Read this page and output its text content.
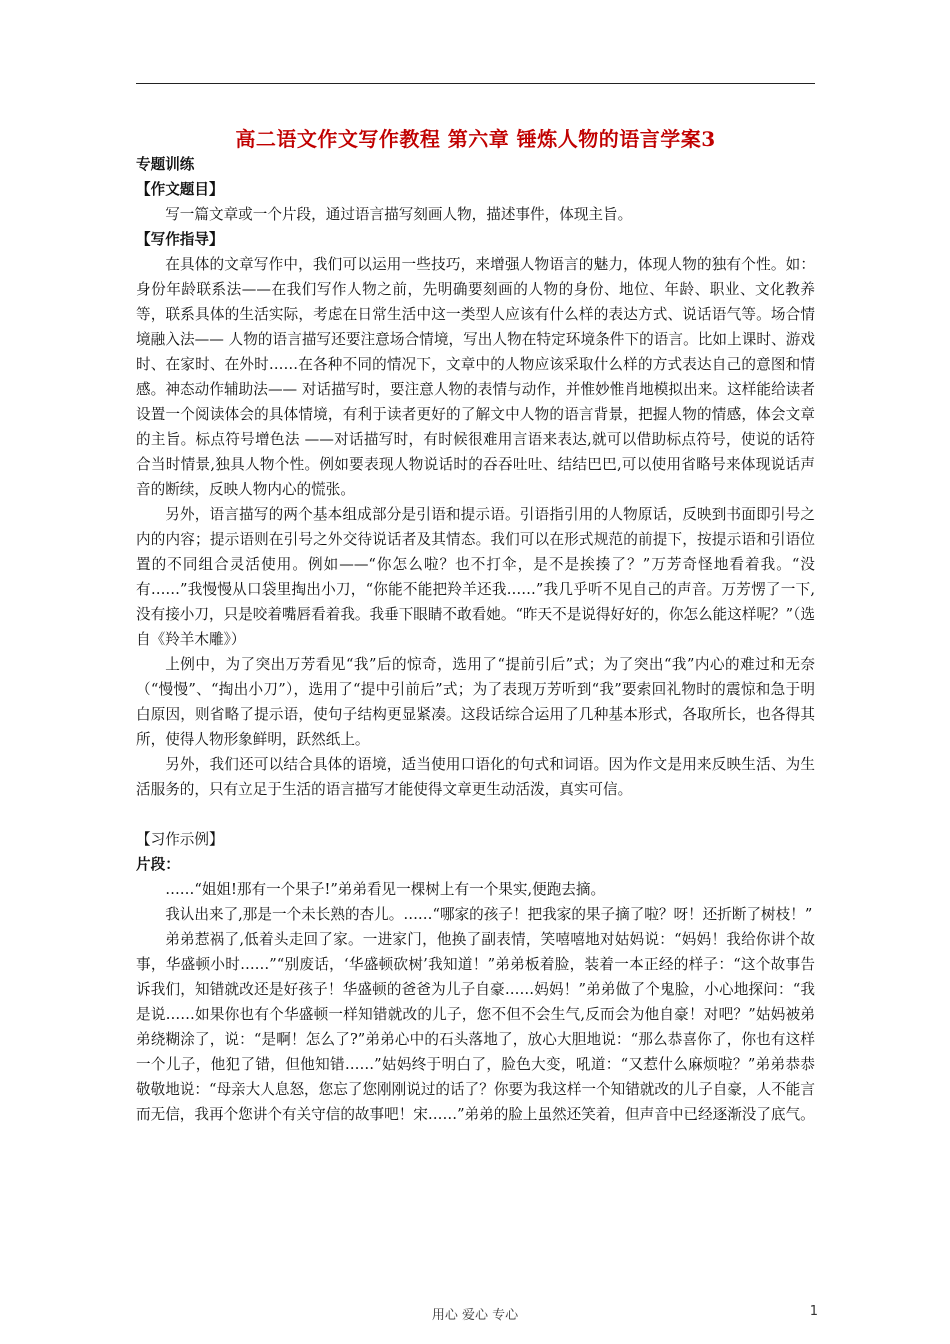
高二语文作文写作教程 第六章 锤炼人物的语言学案3

专题训练

【作文题目】

写一篇文章或一个片段，通过语言描写刻画人物，描述事件，体现主旨。

【写作指导】

在具体的文章写作中，我们可以运用一些技巧，来增强人物语言的魅力，体现人物的独有个性。如：身份年龄联系法——在我们写作人物之前，先明确要刻画的人物的身份、地位、年龄、职业、文化教养等，联系具体的生活实际，考虑在日常生活中这一类型人应该有什么样的表达方式、说话语气等。场合情境融入法—— 人物的语言描写还要注意场合情境，写出人物在特定环境条件下的语言。比如上课时、游戏时、在家时、在外时……在各种不同的情况下，文章中的人物应该采取什么样的方式表达自己的意图和情感。神态动作辅助法—— 对话描写时，要注意人物的表情与动作，并惟妙惟肖地模拟出来。这样能给读者设置一个阅读体会的具体情境，有利于读者更好的了解文中人物的语言背景，把握人物的情感，体会文章的主旨。标点符号增色法 ——对话描写时，有时候很难用言语来表达,就可以借助标点符号，使说的话符合当时情景,独具人物个性。例如要表现人物说话时的吞吞吐吐、结结巴巴,可以使用省略号来体现说话声音的断续，反映人物内心的慌张。

另外，语言描写的两个基本组成部分是引语和提示语。引语指引用的人物原话，反映到书面即引号之内的内容；提示语则在引号之外交待说话者及其情态。我们可以在形式规范的前提下，按提示语和引语位置的不同组合灵活使用。例如——“你怎么啦？也不打伞，是不是挨揍了？”万芳奇怪地看着我。“没有……”我慢慢从口袋里掏出小刀，“你能不能把羚羊还我……”我几乎听不见自己的声音。万芳愣了一下,没有接小刀，只是咬着嘴唇看着我。我垂下眼睛不敢看她。“昨天不是说得好好的，你怎么能这样呢？”（选自《羚羊木雕》）

上例中，为了突出万芳看见“我”后的惊奇，选用了“提前引后”式；为了突出“我”内心的难过和无奈（“慢慢”、“掏出小刀”），选用了“提中引前后”式；为了表现万芳听到“我”要索回礼物时的震惊和急于明白原因，则省略了提示语，使句子结构更显紧凑。这段话综合运用了几种基本形式，各取所长，也各得其所，使得人物形象鲜明，跃然纸上。

另外，我们还可以结合具体的语境，适当使用口语化的句式和词语。因为作文是用来反映生活、为生活服务的，只有立足于生活的语言描写才能使得文章更生动活泼，真实可信。

【习作示例】

片段：

……“姐姐!那有一个果子!”弟弟看见一棵树上有一个果实,便跑去摘。

我认出来了,那是一个未长熟的杏儿。……“哪家的孩子！把我家的果子摘了啦？呀！还折断了树枝！”

弟弟惹祸了,低着头走回了家。一进家门，他换了副表情，笑嘻嘻地对姑妈说：“妈妈！我给你讲个故事，华盛顿小时……”“别废话，‘华盛顿砍树’我知道！”弟弟板着脸，装着一本正经的样子：“这个故事告诉我们，知错就改还是好孩子！华盛顿的爸爸为儿子自豪……妈妈！”弟弟做了个鬼脸，小心地探问：“我是说……如果你也有个华盛顿一样知错就改的儿子，您不但不会生气,反而会为他自豪！对吧？”姑妈被弟弟绕糊涂了，说：“是啊！怎么了?”弟弟心中的石头落地了，放心大胆地说：“那么恭喜你了，你也有这样一个儿子，他犯了错，但他知错……”姑妈终于明白了，脸色大变，吼道：“又惹什么麻烦啦？”弟弟恭恭敬敬地说：“母亲大人息怒，您忘了您刚刚说过的话了？你要为我这样一个知错就改的儿子自豪，人不能言而无信，我再个您讲个有关守信的故事吧！宋……”弟弟的脸上虽然还笑着，但声音中已经逐渐没了底气。

用心 爱心 专心	1
